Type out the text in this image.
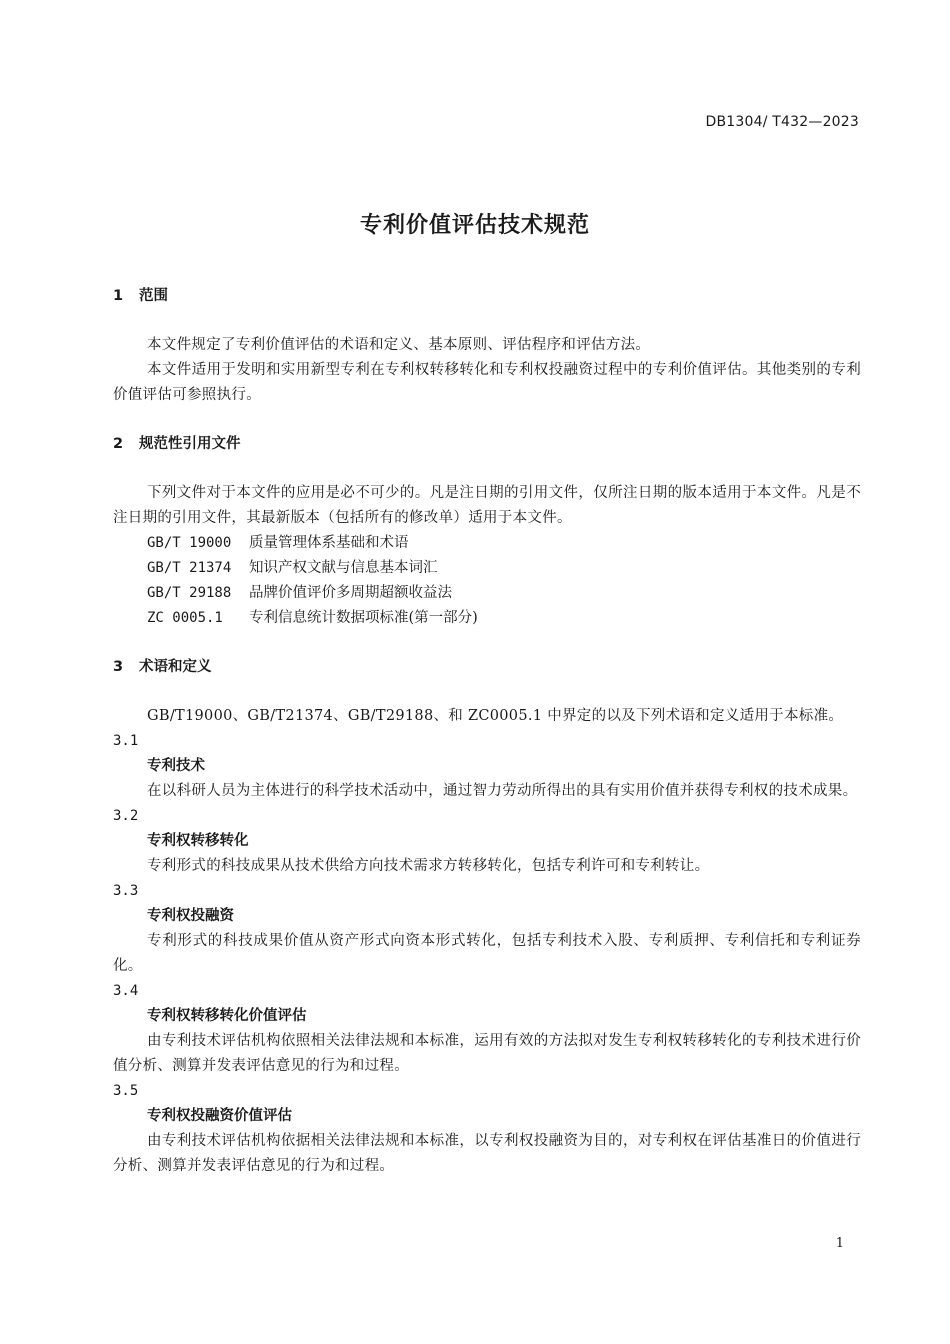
DB1304/ T432—2023
专利价值评估技术规范
1 范围
本文件规定了专利价值评估的术语和定义、基本原则、评估程序和评估方法。
本文件适用于发明和实用新型专利在专利权转移转化和专利权投融资过程中的专利价值评估。其他类别的专利价值评估可参照执行。
2 规范性引用文件
下列文件对于本文件的应用是必不可少的。凡是注日期的引用文件，仅所注日期的版本适用于本文件。凡是不注日期的引用文件，其最新版本（包括所有的修改单）适用于本文件。
GB/T 19000 质量管理体系基础和术语
GB/T 21374 知识产权文献与信息基本词汇
GB/T 29188 品牌价值评价多周期超额收益法
ZC 0005.1 专利信息统计数据项标准(第一部分)
3 术语和定义
GB/T19000、GB/T21374、GB/T29188、和 ZC0005.1 中界定的以及下列术语和定义适用于本标准。
3.1
专利技术
在以科研人员为主体进行的科学技术活动中，通过智力劳动所得出的具有实用价值并获得专利权的技术成果。
3.2
专利权转移转化
专利形式的科技成果从技术供给方向技术需求方转移转化，包括专利许可和专利转让。
3.3
专利权投融资
专利形式的科技成果价值从资产形式向资本形式转化，包括专利技术入股、专利质押、专利信托和专利证券化。
3.4
专利权转移转化价值评估
由专利技术评估机构依照相关法律法规和本标准，运用有效的方法拟对发生专利权转移转化的专利技术进行价值分析、测算并发表评估意见的行为和过程。
3.5
专利权投融资价值评估
由专利技术评估机构依据相关法律法规和本标准，以专利权投融资为目的，对专利权在评估基准日的价值进行分析、测算并发表评估意见的行为和过程。
1
